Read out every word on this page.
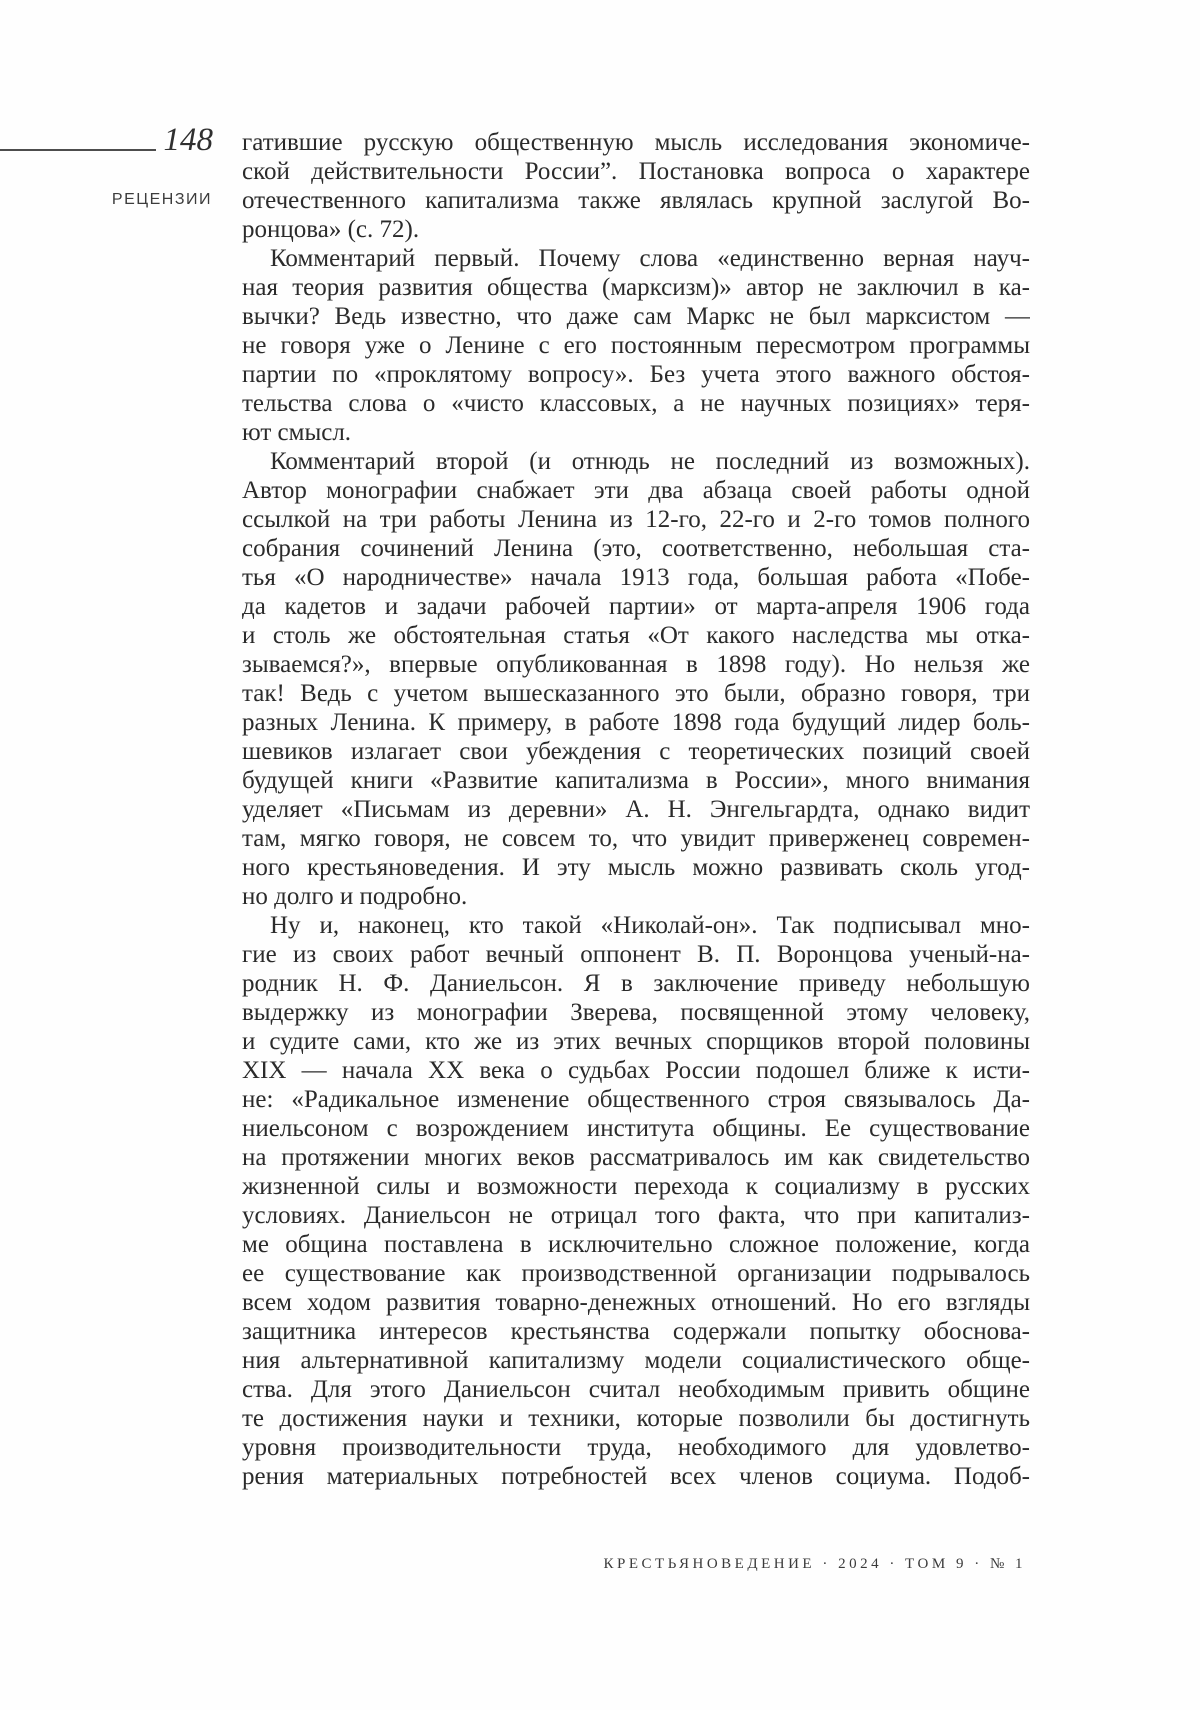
148
РЕЦЕНЗИИ
гатившие русскую общественную мысль исследования экономиче-
ской действительности России”. Постановка вопроса о характере
отечественного капитализма также являлась крупной заслугой Во-
ронцова» (с. 72).
Комментарий первый. Почему слова «единственно верная науч-
ная теория развития общества (марксизм)» автор не заключил в ка-
вычки? Ведь известно, что даже сам Маркс не был марксистом —
не говоря уже о Ленине с его постоянным пересмотром программы
партии по «проклятому вопросу». Без учета этого важного обстоя-
тельства слова о «чисто классовых, а не научных позициях» теря-
ют смысл.
Комментарий второй (и отнюдь не последний из возможных).
Автор монографии снабжает эти два абзаца своей работы одной
ссылкой на три работы Ленина из 12-го, 22-го и 2-го томов полного
собрания сочинений Ленина (это, соответственно, небольшая ста-
тья «О народничестве» начала 1913 года, большая работа «Побе-
да кадетов и задачи рабочей партии» от марта-апреля 1906 года
и столь же обстоятельная статья «От какого наследства мы отка-
зываемся?», впервые опубликованная в 1898 году). Но нельзя же
так! Ведь с учетом вышесказанного это были, образно говоря, три
разных Ленина. К примеру, в работе 1898 года будущий лидер боль-
шевиков излагает свои убеждения с теоретических позиций своей
будущей книги «Развитие капитализма в России», много внимания
уделяет «Письмам из деревни» А. Н. Энгельгардта, однако видит
там, мягко говоря, не совсем то, что увидит приверженец современ-
ного крестьяноведения. И эту мысль можно развивать сколь угод-
но долго и подробно.
Ну и, наконец, кто такой «Николай-он». Так подписывал мно-
гие из своих работ вечный оппонент В. П. Воронцова ученый-на-
родник Н. Ф. Даниельсон. Я в заключение приведу небольшую
выдержку из монографии Зверева, посвященной этому человеку,
и судите сами, кто же из этих вечных спорщиков второй половины
XIX — начала XX века о судьбах России подошел ближе к исти-
не: «Радикальное изменение общественного строя связывалось Да-
ниельсоном с возрождением института общины. Ее существование
на протяжении многих веков рассматривалось им как свидетельство
жизненной силы и возможности перехода к социализму в русских
условиях. Даниельсон не отрицал того факта, что при капитализ-
ме община поставлена в исключительно сложное положение, когда
ее существование как производственной организации подрывалось
всем ходом развития товарно-денежных отношений. Но его взгляды
защитника интересов крестьянства содержали попытку обоснова-
ния альтернативной капитализму модели социалистического обще-
ства. Для этого Даниельсон считал необходимым привить общине
те достижения науки и техники, которые позволили бы достигнуть
уровня производительности труда, необходимого для удовлетво-
рения материальных потребностей всех членов социума. Подоб-
КРЕСТЬЯНОВЕДЕНИЕ · 2024 · ТОМ 9 · № 1
